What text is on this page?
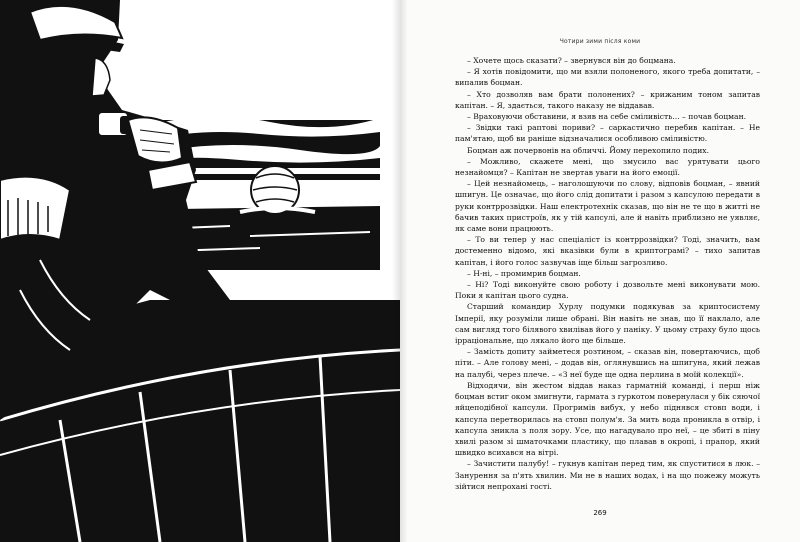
Чотири зими після коми

– Хочете щось сказати? – звернувся він до боцмана.

– Я хотів повідомити, що ми взяли полоненого, якого треба допитати, – випалив боцман.

– Хто дозволяв вам брати полонених? – крижаним тоном запитав капітан. – Я, здається, такого наказу не віддавав.

– Враховуючи обставини, я взяв на себе сміливість... – почав боцман.

– Звідки такі раптові пориви? – саркастично перебив капітан. – Не пам'ятаю, щоб ви раніше відзначалися особливою сміливістю.

Боцман аж почервонів на обличчі. Йому перехопило подих.

– Можливо, скажете мені, що змусило вас урятувати цього незнайомця? – Капітан не звертав уваги на його емоції.

– Цей незнайомець, – наголошуючи по слову, відповів боцман, – явний шпигун. Це означає, що його слід допитати і разом з капсулою передати в руки контррозвідки. Наш електротехнік сказав, що він не те що в житті не бачив таких пристроїв, як у тій капсулі, але й навіть приблизно не уявляє, як саме вони працюють.

– То ви тепер у нас спеціаліст із контррозвідки? Тоді, значить, вам достеменно відомо, які вказівки були в криптограмі? – тихо запитав капітан, і його голос зазвучав іще більш загрозливо.

– Н-ні, – промимрив боцман.

– Ні? Тоді виконуйте свою роботу і дозвольте мені виконувати мою. Поки я капітан цього судна.

Старший командир Хурлу подумки подякував за криптосистему Імперії, яку розуміли лише обрані. Він навіть не знав, що її наклало, але сам вигляд того білявого хвилівав його у паніку. У цьому страху було щось ірраціональне, що лякало його ще більше.

– Замість допиту займетеся розтином, – сказав він, повертаючись, щоб піти. – Але голову мені, – додав він, оглянувшись на шпигуна, який лежав на палубі, через плече. – «З неї буде ще одна перлина в моїй колекції».

Відходячи, він жестом віддав наказ гарматній команді, і перш ніж боцман встиг оком змигнути, гармата з гуркотом повернулася у бік сяючої яйцеподібної капсули. Прогримів вибух, у небо піднявся стовп води, і капсула перетворилась на стовп полум'я. За мить вода проникла в отвір, і капсула зникла з поля зору. Усе, що нагадувало про неї, – це збиті в піну хвилі разом зі шматочками пластику, що плавав в окропі, і прапор, який швидко всихався на вітрі.

– Зачистити палубу! – гукнув капітан перед тим, як спуститися в люк. – Занурення за п'ять хвилин. Ми не в наших водах, і на що пожежу можуть зійтися непрохані гості.

269
